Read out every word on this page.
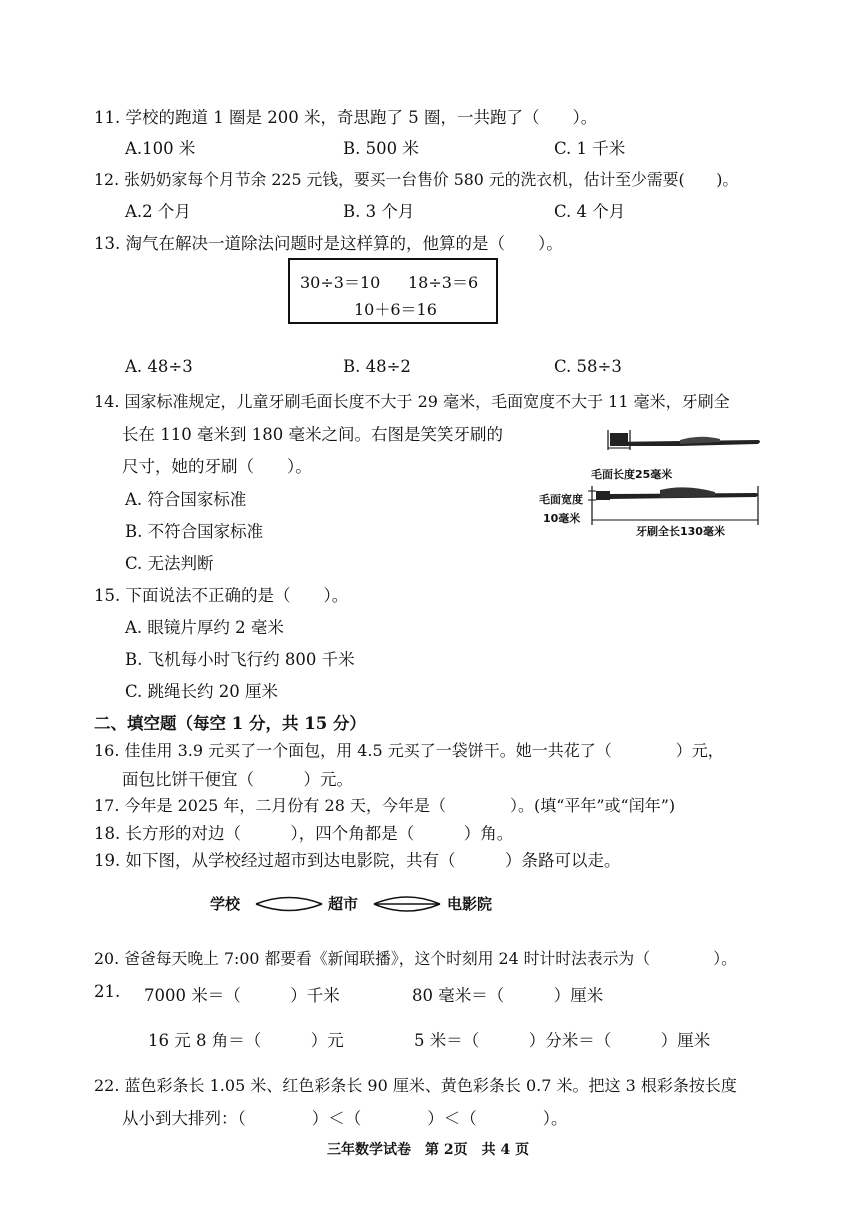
11. 学校的跑道 1 圈是 200 米，奇思跑了 5 圈，一共跑了（　　）。
A.100 米	B. 500 米	C. 1 千米
12. 张奶奶家每个月节余 225 元钱，要买一台售价 580 元的洗衣机，估计至少需要(　　)。
A.2 个月	B. 3 个月	C. 4 个月
13. 淘气在解决一道除法问题时是这样算的，他算的是（　　）。
30÷3＝10 18÷3＝6
10＋6＝16
A. 48÷3	B. 48÷2	C. 58÷3
14. 国家标准规定，儿童牙刷毛面长度不大于 29 毫米，毛面宽度不大于 11 毫米，牙刷全
长在 110 毫米到 180 毫米之间。右图是笑笑牙刷的
尺寸，她的牙刷（　　）。
A. 符合国家标准
B. 不符合国家标准
C. 无法判断
毛面长度25毫米
毛面宽度
10毫米
牙刷全长130毫米
15. 下面说法不正确的是（　　）。
A. 眼镜片厚约 2 毫米
B. 飞机每小时飞行约 800 千米
C. 跳绳长约 20 厘米
二、填空题（每空 1 分，共 15 分）
16. 佳佳用 3.9 元买了一个面包，用 4.5 元买了一袋饼干。她一共花了（　　　　）元，
面包比饼干便宜（　　　）元。
17. 今年是 2025 年，二月份有 28 天，今年是（　　　　）。(填“平年”或“闰年”)
18. 长方形的对边（　　　），四个角都是（　　　）角。
19. 如下图，从学校经过超市到达电影院，共有（　　　）条路可以走。
学校	超市	电影院
20. 爸爸每天晚上 7:00 都要看《新闻联播》，这个时刻用 24 时计时法表示为（　　　　）。
21. 7000 米＝（　　　）千米	80 毫米＝（　　　）厘米
16 元 8 角＝（　　　）元	5 米＝（　　　）分米＝（　　　）厘米
22. 蓝色彩条长 1.05 米、红色彩条长 90 厘米、黄色彩条长 0.7 米。把这 3 根彩条按长度
从小到大排列：（　　　　）＜（　　　　）＜（　　　　）。
三年数学试卷　第 2页　共 4 页
